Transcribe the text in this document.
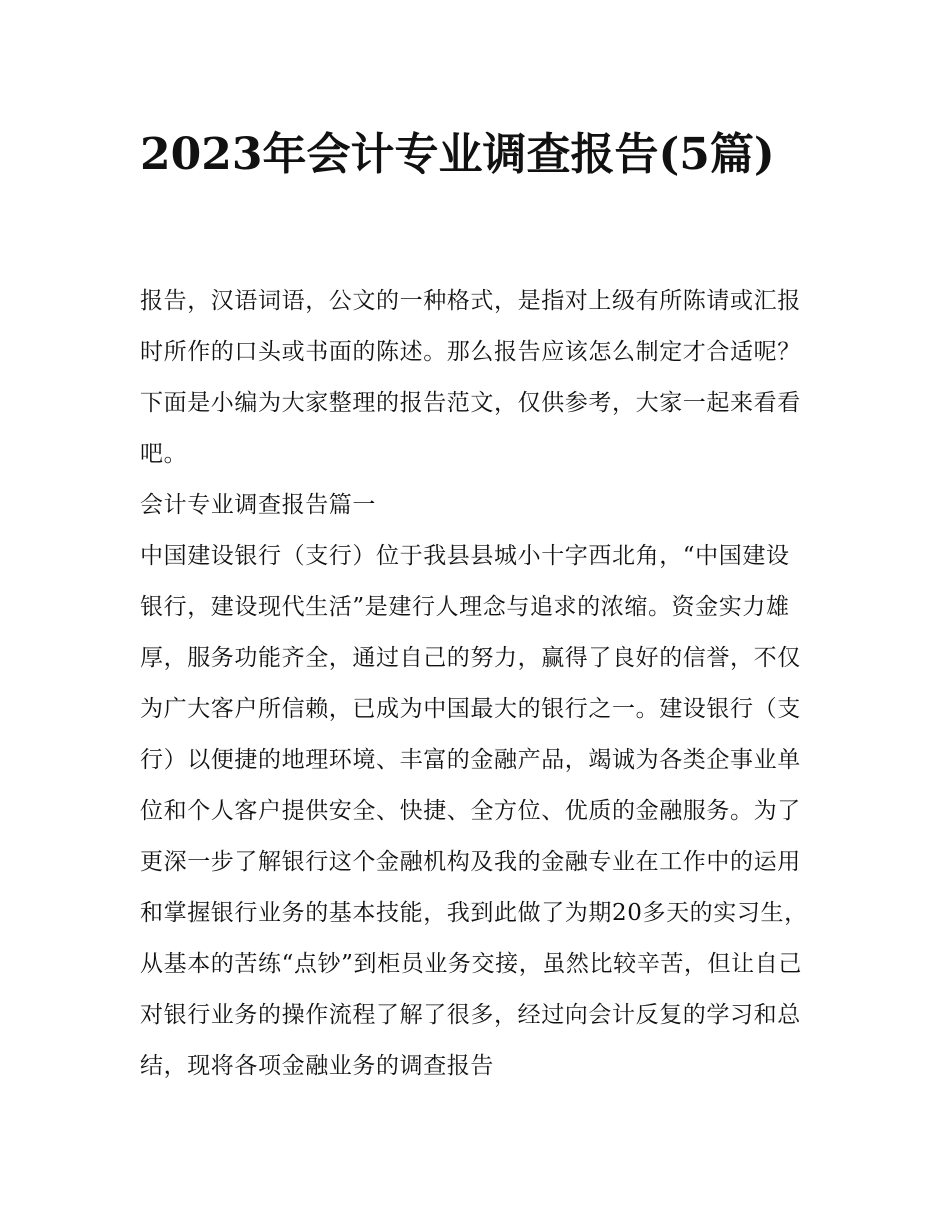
2023年会计专业调查报告(5篇)

报告，汉语词语，公文的一种格式，是指对上级有所陈请或汇报时所作的口头或书面的陈述。那么报告应该怎么制定才合适呢？下面是小编为大家整理的报告范文，仅供参考，大家一起来看看吧。

会计专业调查报告篇一

中国建设银行（支行）位于我县县城小十字西北角，“中国建设银行，建设现代生活”是建行人理念与追求的浓缩。资金实力雄厚，服务功能齐全，通过自己的努力，赢得了良好的信誉，不仅为广大客户所信赖，已成为中国最大的银行之一。建设银行（支行）以便捷的地理环境、丰富的金融产品，竭诚为各类企事业单位和个人客户提供安全、快捷、全方位、优质的金融服务。为了更深一步了解银行这个金融机构及我的金融专业在工作中的运用和掌握银行业务的基本技能，我到此做了为期20多天的实习生，从基本的苦练“点钞”到柜员业务交接，虽然比较辛苦，但让自己对银行业务的操作流程了解了很多，经过向会计反复的学习和总结，现将各项金融业务的调查报告
